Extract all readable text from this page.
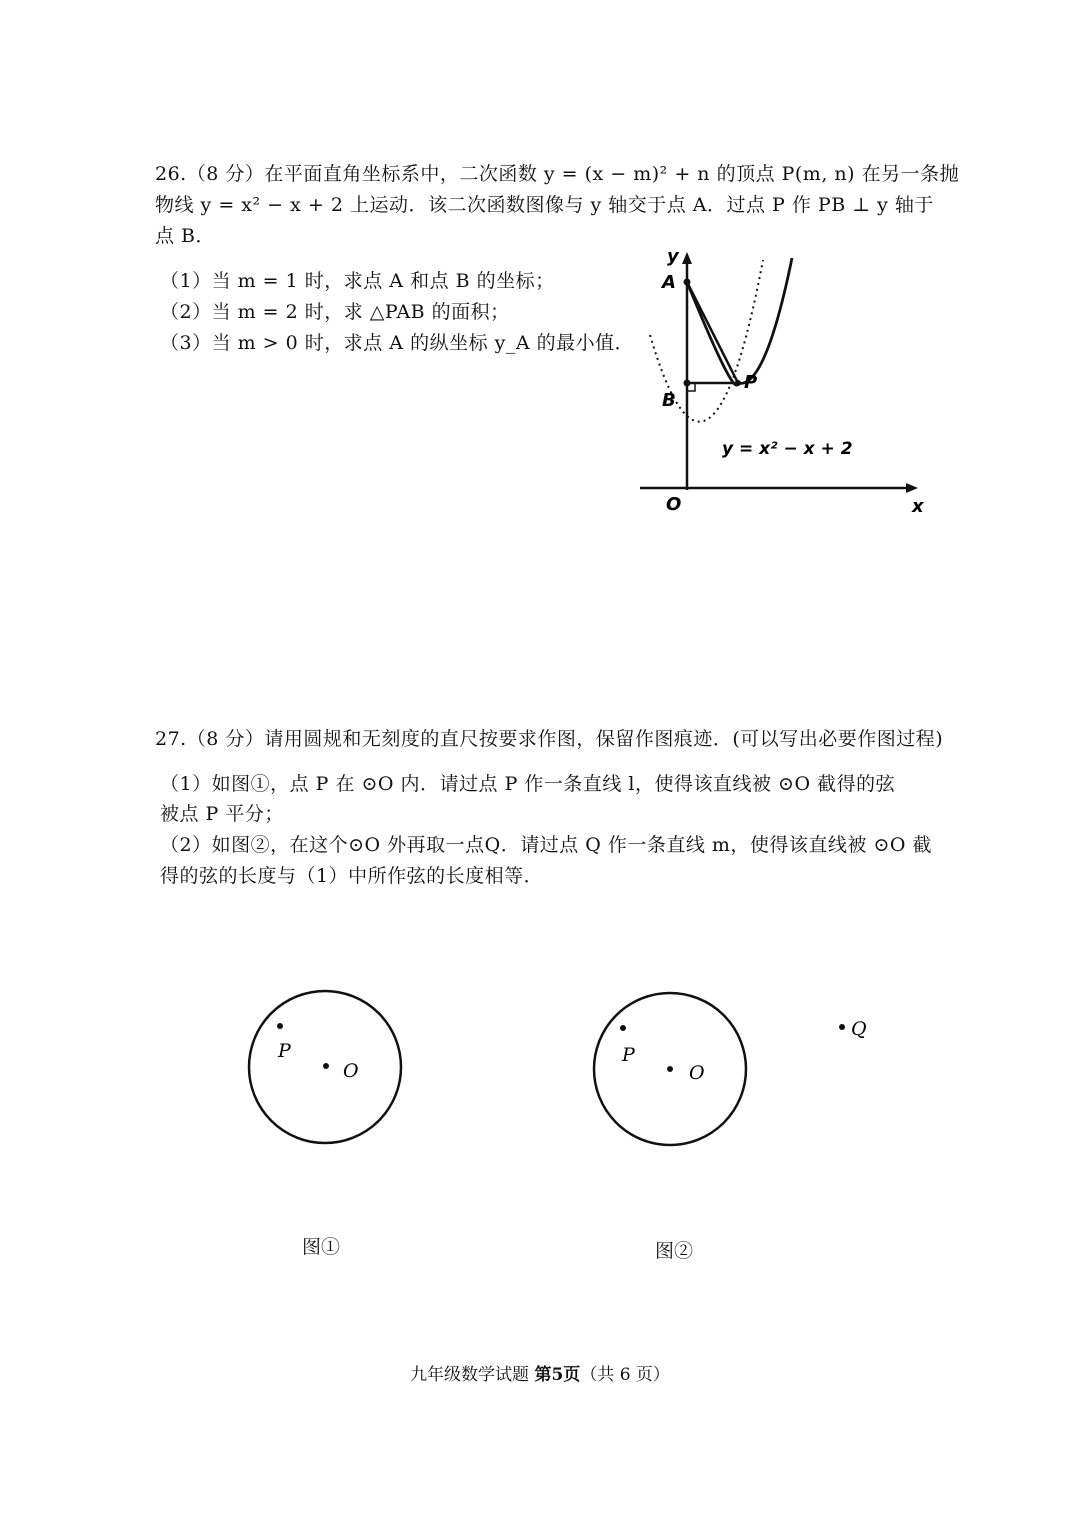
26.（8 分）在平面直角坐标系中，二次函数 y = (x − m)² + n 的顶点 P(m, n) 在另一条抛
物线 y = x² − x + 2 上运动．该二次函数图像与 y 轴交于点 A．过点 P 作 PB ⊥ y 轴于
点 B．
（1）当 m = 1 时，求点 A 和点 B 的坐标；
（2）当 m = 2 时，求 △PAB 的面积；
（3）当 m > 0 时，求点 A 的纵坐标 y_A 的最小值．
y
x
O
A
B
P
y = x² − x + 2
27.（8 分）请用圆规和无刻度的直尺按要求作图，保留作图痕迹．(可以写出必要作图过程)
（1）如图①，点 P 在 ⊙O 内．请过点 P 作一条直线 l，使得该直线被 ⊙O 截得的弦
被点 P 平分；
（2）如图②，在这个⊙O 外再取一点Q．请过点 Q 作一条直线 m，使得该直线被 ⊙O 截
得的弦的长度与（1）中所作弦的长度相等．
P
O
图①
P
O
Q
图②
九年级数学试题 第5页（共 6 页）
